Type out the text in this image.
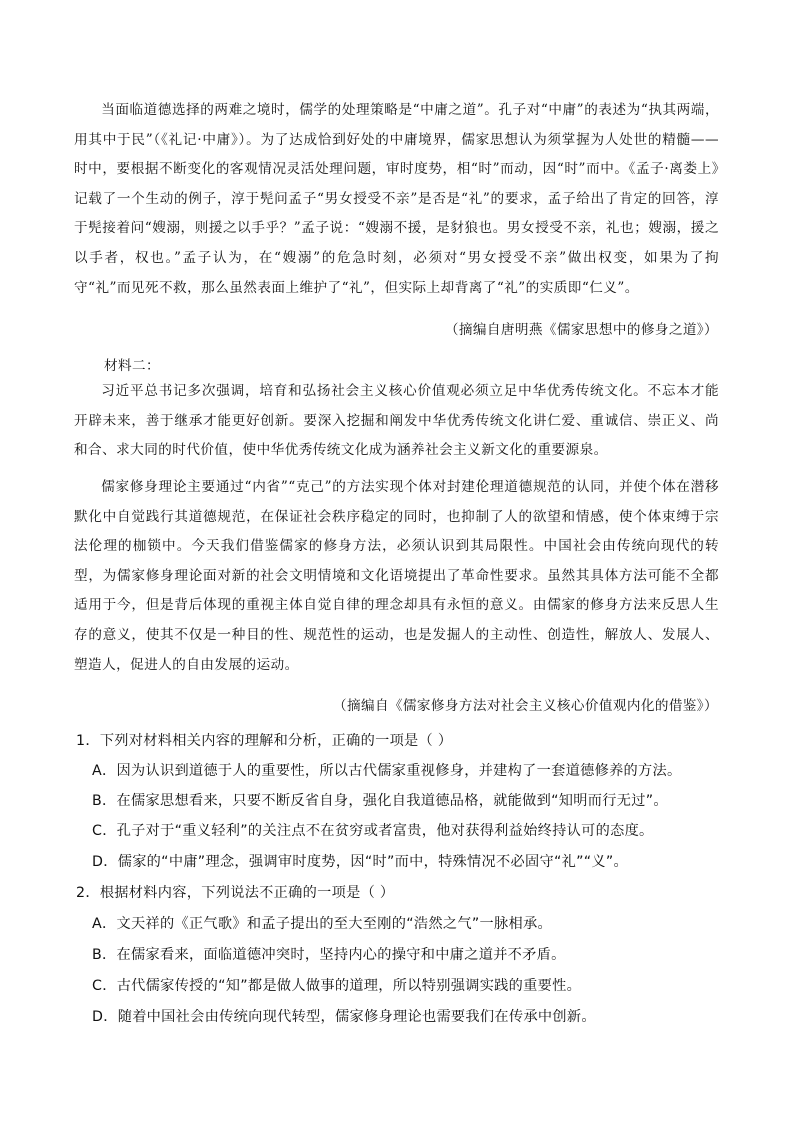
当面临道德选择的两难之境时，儒学的处理策略是“中庸之道”。孔子对“中庸”的表述为“执其两端，用其中于民”（《礼记·中庸》）。为了达成恰到好处的中庸境界，儒家思想认为须掌握为人处世的精髓——时中，要根据不断变化的客观情况灵活处理问题，审时度势，相“时”而动，因“时”而中。《孟子·离娄上》记载了一个生动的例子，淳于髡问孟子“男女授受不亲”是否是“礼”的要求，孟子给出了肯定的回答，淳于髡接着问“嫂溺，则援之以手乎？”孟子说：“嫂溺不援，是豺狼也。男女授受不亲，礼也；嫂溺，援之以手者，权也。”孟子认为，在“嫂溺”的危急时刻，必须对“男女授受不亲”做出权变，如果为了拘守“礼”而见死不救，那么虽然表面上维护了“礼”，但实际上却背离了“礼”的实质即“仁义”。

（摘编自唐明燕《儒家思想中的修身之道》）
材料二：

习近平总书记多次强调，培育和弘扬社会主义核心价值观必须立足中华优秀传统文化。不忘本才能开辟未来，善于继承才能更好创新。要深入挖掘和阐发中华优秀传统文化讲仁爱、重诚信、崇正义、尚和合、求大同的时代价值，使中华优秀传统文化成为涵养社会主义新文化的重要源泉。

儒家修身理论主要通过“内省”“克己”的方法实现个体对封建伦理道德规范的认同，并使个体在潜移默化中自觉践行其道德规范，在保证社会秩序稳定的同时，也抑制了人的欲望和情感，使个体束缚于宗法伦理的枷锁中。今天我们借鉴儒家的修身方法，必须认识到其局限性。中国社会由传统向现代的转型，为儒家修身理论面对新的社会文明情境和文化语境提出了革命性要求。虽然其具体方法可能不全都适用于今，但是背后体现的重视主体自觉自律的理念却具有永恒的意义。由儒家的修身方法来反思人生存的意义，使其不仅是一种目的性、规范性的运动，也是发掘人的主动性、创造性，解放人、发展人、塑造人，促进人的自由发展的运动。

（摘编自《儒家修身方法对社会主义核心价值观内化的借鉴》）
1．下列对材料相关内容的理解和分析，正确的一项是（ ）
A．因为认识到道德于人的重要性，所以古代儒家重视修身，并建构了一套道德修养的方法。
B．在儒家思想看来，只要不断反省自身，强化自我道德品格，就能做到“知明而行无过”。
C．孔子对于“重义轻利”的关注点不在贫穷或者富贵，他对获得利益始终持认可的态度。
D．儒家的“中庸”理念，强调审时度势，因“时”而中，特殊情况不必固守“礼”“义”。
2．根据材料内容，下列说法不正确的一项是（ ）
A．文天祥的《正气歌》和孟子提出的至大至刚的“浩然之气”一脉相承。
B．在儒家看来，面临道德冲突时，坚持内心的操守和中庸之道并不矛盾。
C．古代儒家传授的“知”都是做人做事的道理，所以特别强调实践的重要性。
D．随着中国社会由传统向现代转型，儒家修身理论也需要我们在传承中创新。
